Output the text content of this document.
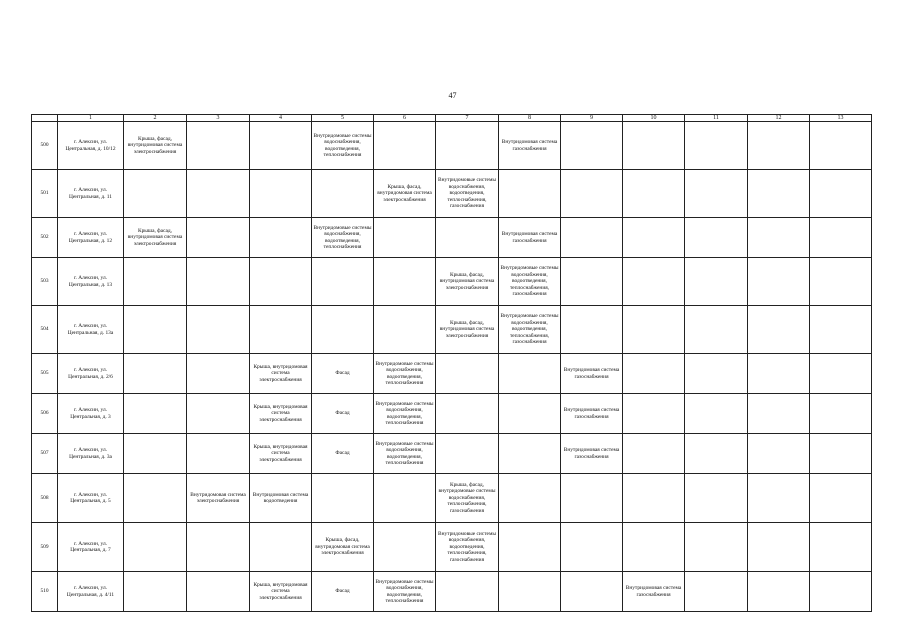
47
	1	2	3	4	5	6	7	8	9	10	11	12	13
500	г. Алексин, ул. Центральная, д. 10/12	Крыша, фасад, внутридомовая система электроснабжения			Внутридомовые системы водоснабжения, водоотведения, теплоснабжения			Внутридомовая система газоснабжения					
501	г. Алексин, ул. Центральная, д. 11					Крыша, фасад, внутридомовая система электроснабжения	Внутридомовые системы водоснабжения, водоотведения, теплоснабжения, газоснабжения						
502	г. Алексин, ул. Центральная, д. 12	Крыша, фасад, внутридомовая система электроснабжения			Внутридомовые системы водоснабжения, водоотведения, теплоснабжения			Внутридомовая система газоснабжения					
503	г. Алексин, ул. Центральная, д. 13						Крыша, фасад, внутридомовая система электроснабжения	Внутридомовые системы водоснабжения, водоотведения, теплоснабжения, газоснабжения					
504	г. Алексин, ул. Центральная, д. 13а						Крыша, фасад, внутридомовая система электроснабжения	Внутридомовые системы водоснабжения, водоотведения, теплоснабжения, газоснабжения					
505	г. Алексин, ул. Центральная, д. 2/6			Крыша, внутридомовая система электроснабжения	Фасад	Внутридомовые системы водоснабжения, водоотведения, теплоснабжения			Внутридомовая система газоснабжения				
506	г. Алексин, ул. Центральная, д. 3			Крыша, внутридомовая система электроснабжения	Фасад	Внутридомовые системы водоснабжения, водоотведения, теплоснабжения			Внутридомовая система газоснабжения				
507	г. Алексин, ул. Центральная, д. 3а			Крыша, внутридомовая система электроснабжения	Фасад	Внутридомовые системы водоснабжения, водоотведения, теплоснабжения			Внутридомовая система газоснабжения				
508	г. Алексин, ул. Центральная, д. 5		Внутридомовая система электроснабжения	Внутридомовая система водоотведения			Крыша, фасад, внутридомовые системы водоснабжения, теплоснабжения, газоснабжения						
509	г. Алексин, ул. Центральная, д. 7				Крыша, фасад, внутридомовая система электроснабжения		Внутридомовые системы водоснабжения, водоотведения, теплоснабжения, газоснабжения						
510	г. Алексин, ул. Центральная, д. 4/11			Крыша, внутридомовая система электроснабжения	Фасад	Внутридомовые системы водоснабжения, водоотведения, теплоснабжения				Внутридомовая система газоснабжения			
